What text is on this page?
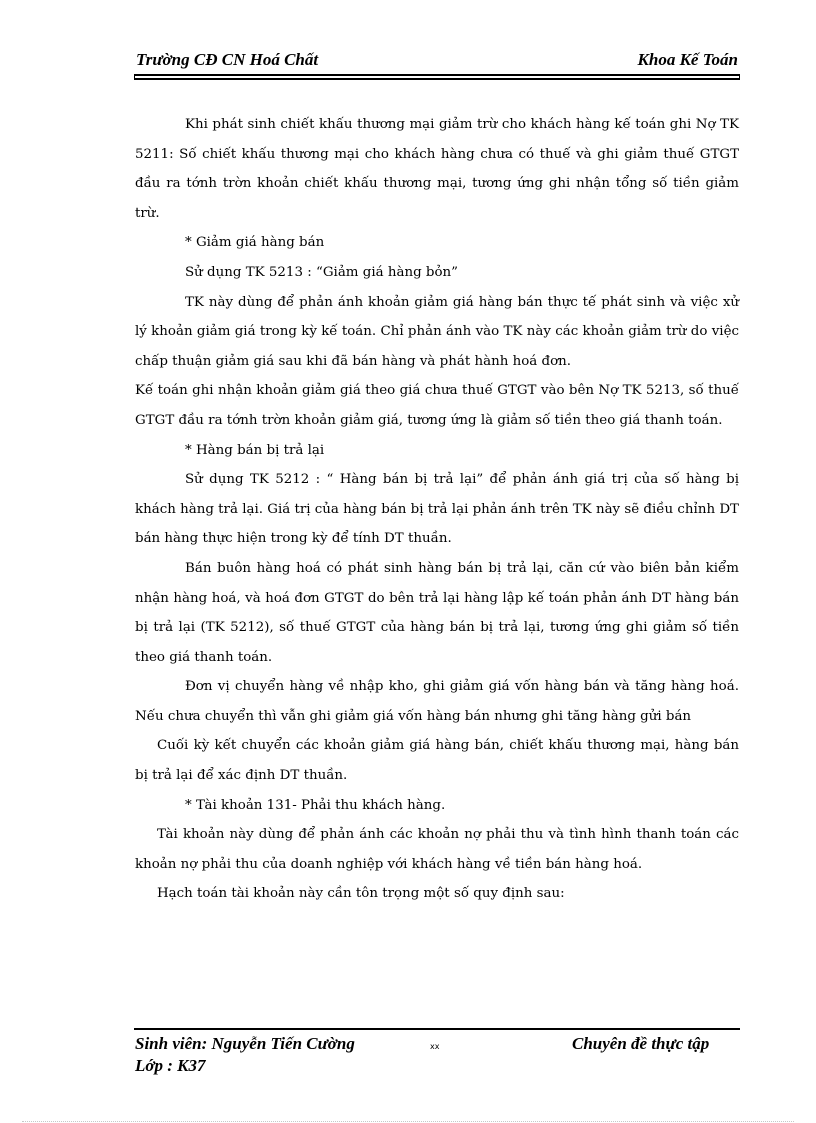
Trường CĐ CN Hoá Chất	Khoa Kế Toán

Khi phát sinh chiết khấu thương mại giảm trừ cho khách hàng kế toán ghi Nợ TK 5211: Số chiết khấu thương mại cho khách hàng chưa có thuế và ghi giảm thuế GTGT đầu ra tớnh trờn khoản chiết khấu thương mại, tương ứng ghi nhận tổng số tiền giảm trừ.

* Giảm giá hàng bán

Sử dụng TK 5213 : “Giảm giá hàng bỏn”

TK này dùng để phản ánh khoản giảm giá hàng bán thực tế phát sinh và việc xử lý khoản giảm giá trong kỳ kế toán. Chỉ phản ánh vào TK này các khoản giảm trừ do việc chấp thuận giảm giá sau khi đã bán hàng và phát hành hoá đơn.

Kế toán ghi nhận khoản giảm giá theo giá chưa thuế GTGT vào bên Nợ TK 5213, số thuế GTGT đầu ra tớnh trờn khoản giảm giá, tương ứng là giảm số tiền theo giá thanh toán.

* Hàng bán bị trả lại

Sử dụng TK 5212 : “ Hàng bán bị trả lại” để phản ánh giá trị của số hàng bị khách hàng trả lại. Giá trị của hàng bán bị trả lại phản ánh trên TK này sẽ điều chỉnh DT bán hàng thực hiện trong kỳ để tính DT thuần.

Bán buôn hàng hoá có phát sinh hàng bán bị trả lại, căn cứ vào biên bản kiểm nhận hàng hoá, và hoá đơn GTGT do bên trả lại hàng lập kế toán phản ánh DT hàng bán bị trả lại (TK 5212), số thuế GTGT của hàng bán bị trả lại, tương ứng ghi giảm số tiền theo giá thanh toán.

Đơn vị chuyển hàng về nhập kho, ghi giảm giá vốn hàng bán và tăng hàng hoá. Nếu chưa chuyển thì vẫn ghi giảm giá vốn hàng bán nhưng ghi tăng hàng gửi bán

Cuối kỳ kết chuyển các khoản giảm giá hàng bán, chiết khấu thương mại, hàng bán bị trả lại để xác định DT thuần.

* Tài khoản 131- Phải thu khách hàng.

Tài khoản này dùng để phản ánh các khoản nợ phải thu và tình hình thanh toán các khoản nợ phải thu của doanh nghiệp với khách hàng về tiền bán hàng hoá.

Hạch toán tài khoản này cần tôn trọng một số quy định sau:

Sinh viên: Nguyễn Tiến Cường
Lớp : K37
xx	Chuyên đề thực tập
